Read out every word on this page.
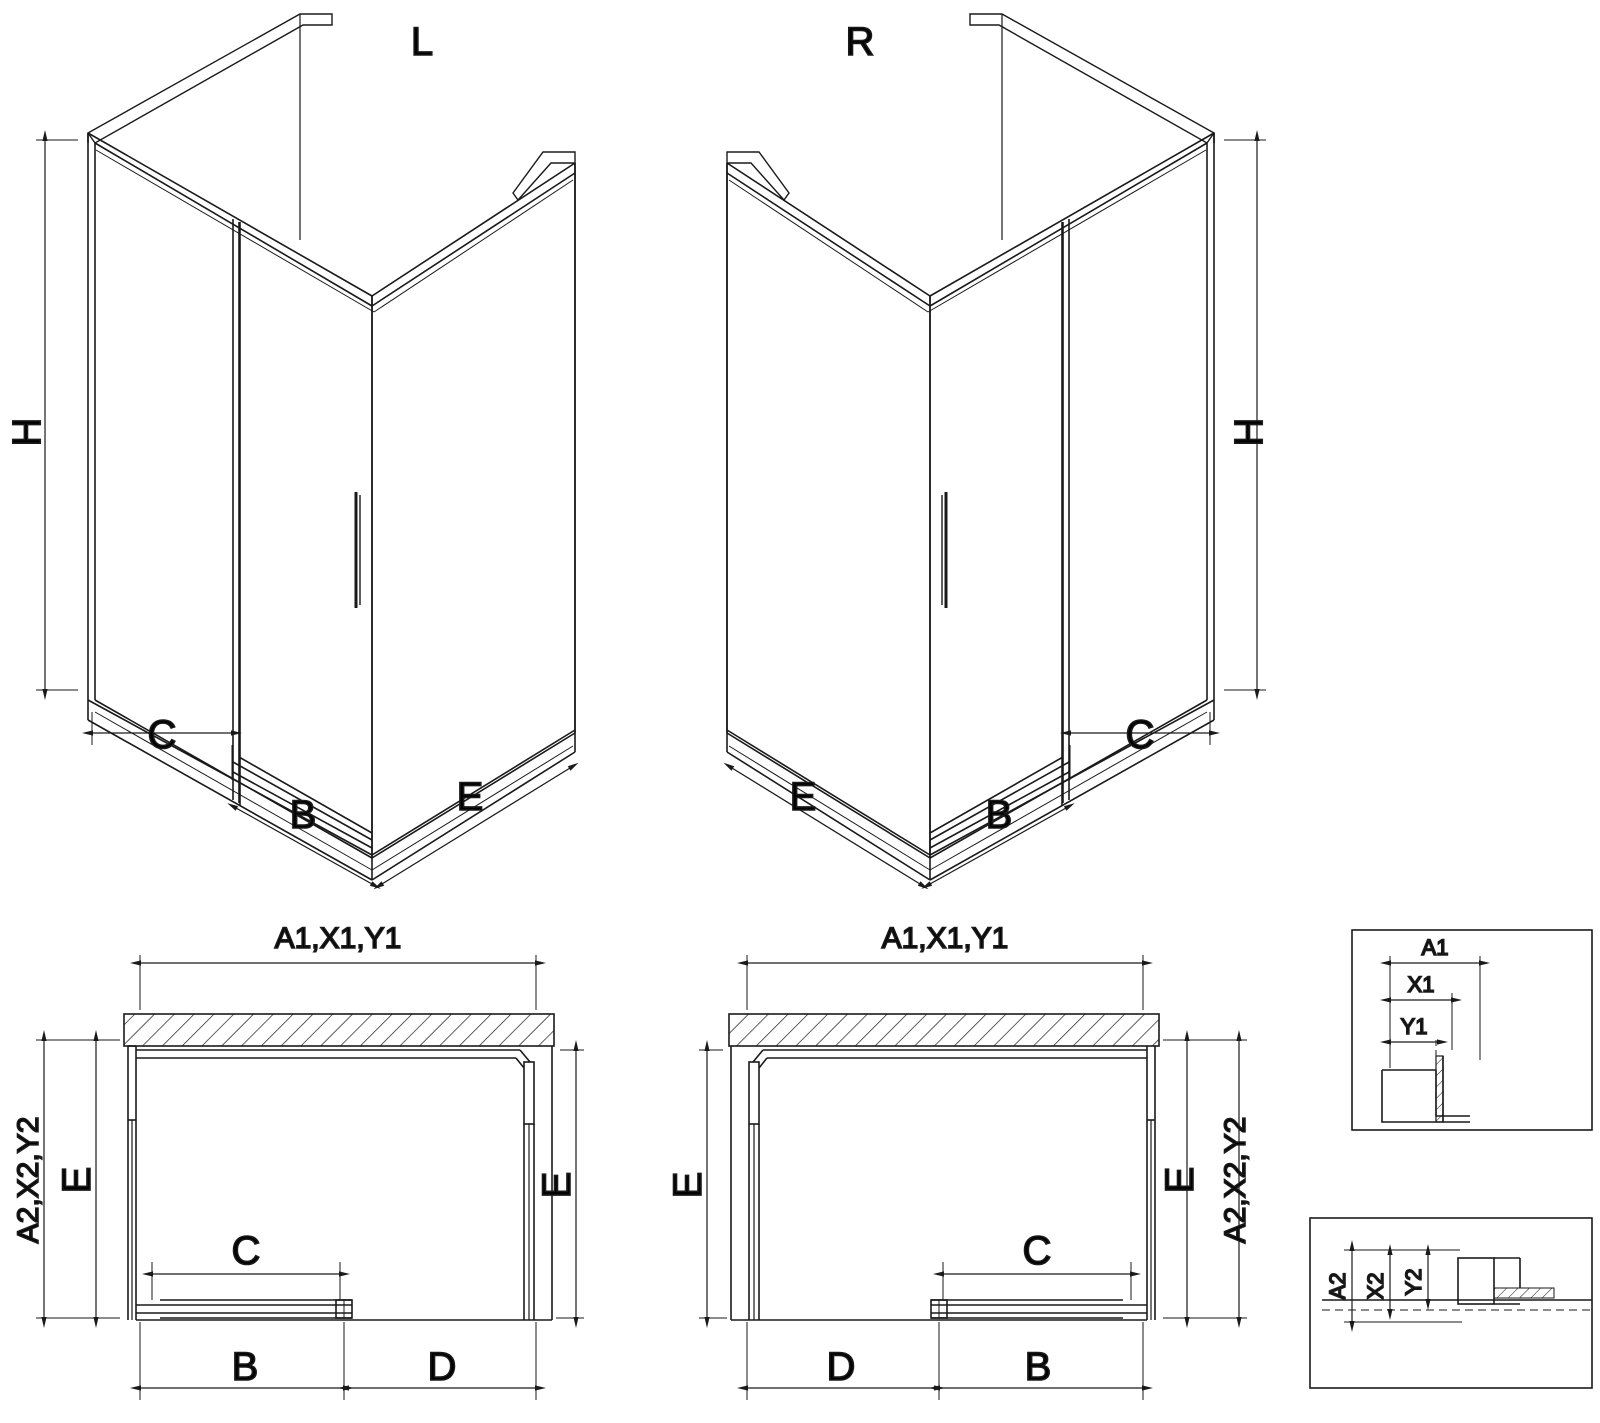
H
C
B	E
L
H
C
B
E
R
A1,X1,Y1
A2,X2,Y2 E	E
C
B	D
A1,X1,Y1
A2,X2,Y2
E
E
C
B
D
A1
X1
Y1
A2 X2 Y2
